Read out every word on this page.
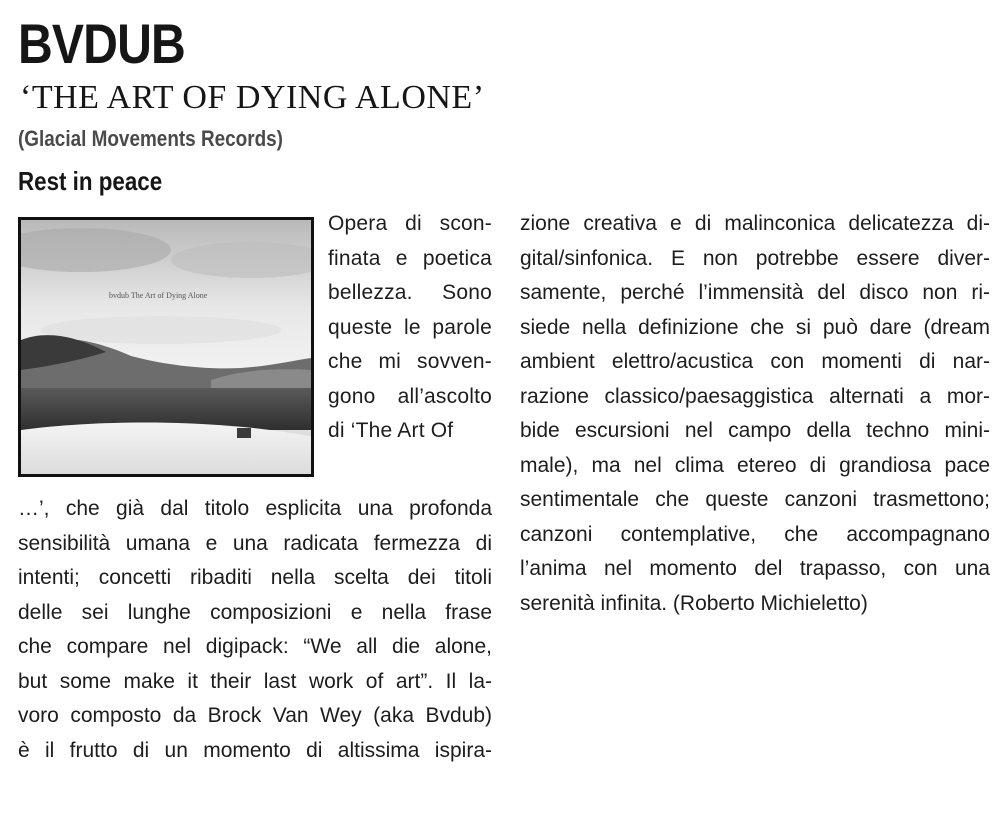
BVDUB
‘THE ART OF DYING ALONE’
(Glacial Movements Records)
Rest in peace
bvdub The Art of Dying Alone
Opera di scon-
finata e poetica
bellezza. Sono
queste le parole
che mi sovven-
gono all’ascolto
di ‘The Art Of
…’, che già dal titolo esplicita una profonda
sensibilità umana e una radicata fermezza di
intenti; concetti ribaditi nella scelta dei titoli
delle sei lunghe composizioni e nella frase
che compare nel digipack: “We all die alone,
but some make it their last work of art”. Il la-
voro composto da Brock Van Wey (aka Bvdub)
è il frutto di un momento di altissima ispira-
zione creativa e di malinconica delicatezza di-
gital/sinfonica. E non potrebbe essere diver-
samente, perché l’immensità del disco non ri-
siede nella definizione che si può dare (dream
ambient elettro/acustica con momenti di nar-
razione classico/paesaggistica alternati a mor-
bide escursioni nel campo della techno mini-
male), ma nel clima etereo di grandiosa pace
sentimentale che queste canzoni trasmettono;
canzoni contemplative, che accompagnano
l’anima nel momento del trapasso, con una
serenità infinita. (Roberto Michieletto)
